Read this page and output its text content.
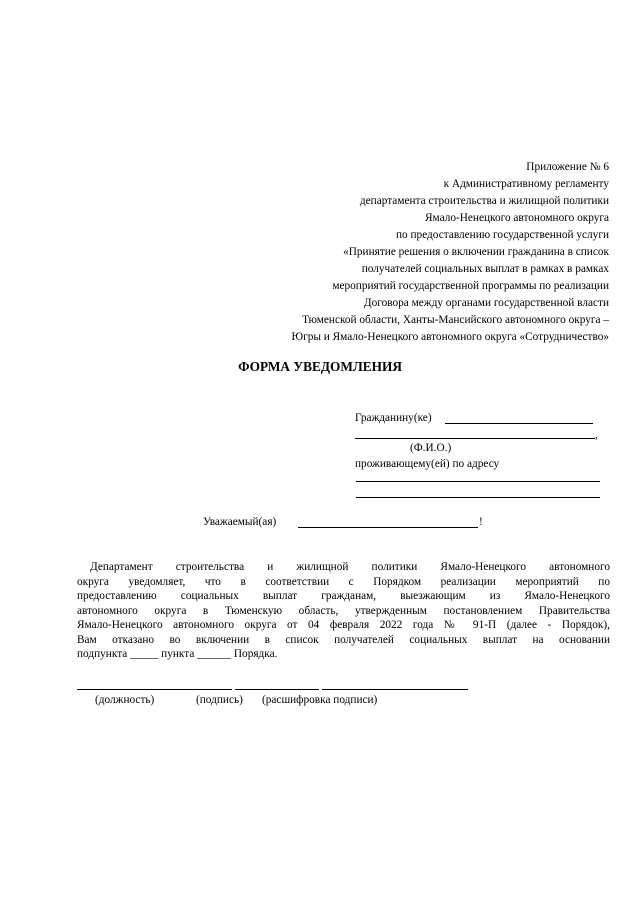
Приложение № 6
к Административному регламенту
департамента строительства и жилищной политики
Ямало-Ненецкого автономного округа
по предоставлению государственной услуги
«Принятие решения о включении гражданина в список
получателей социальных выплат в рамках в рамках
мероприятий государственной программы по реализации
Договора между органами государственной власти
Тюменской области, Ханты-Мансийского автономного округа –
Югры и Ямало-Ненецкого автономного округа «Сотрудничество»
ФОРМА УВЕДОМЛЕНИЯ
Гражданину(ке)
,
(Ф.И.О.)
проживающему(ей) по адресу
Уважаемый(ая)	!
Департамент строительства и жилищной политики Ямало-Ненецкого автономного
округа уведомляет, что в соответствии с Порядком реализации мероприятий по
предоставлению социальных выплат гражданам, выезжающим из Ямало-Ненецкого
автономного округа в Тюменскую область, утвержденным постановлением Правительства
Ямало-Ненецкого автономного округа от 04 февраля 2022 года № 91-П (далее - Порядок),
Вам отказано во включении в список получателей социальных выплат на основании
подпункта _____ пункта ______ Порядка.
(должность)	(подпись) (расшифровка подписи)
